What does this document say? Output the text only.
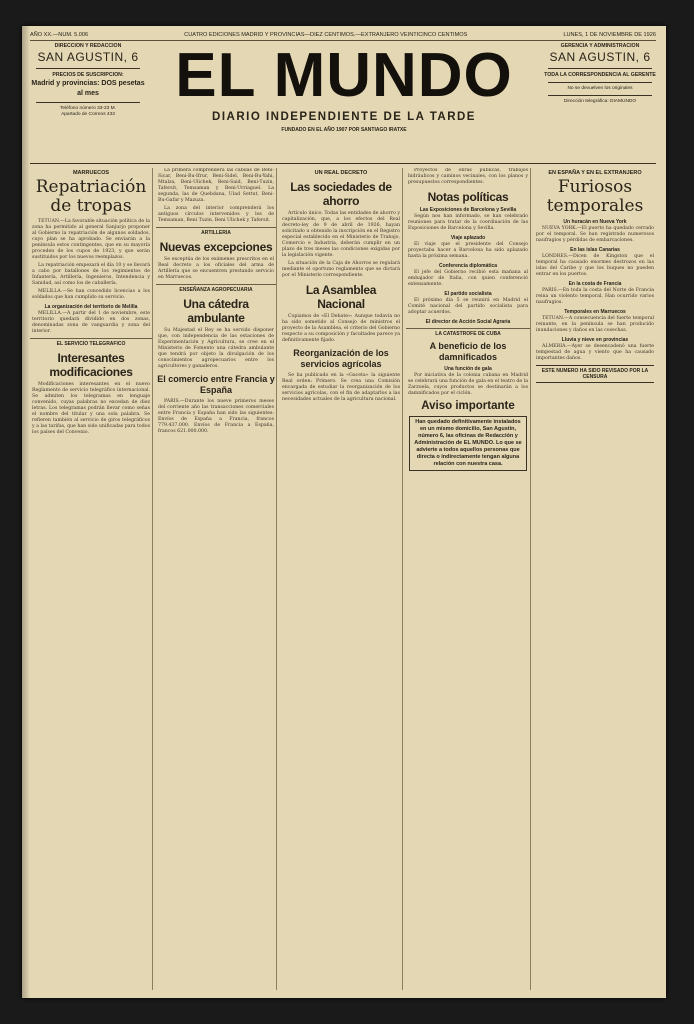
AÑO XX.—NUM. 5.006	CUATRO EDICIONES MADRID Y PROVINCIAS—DIEZ CENTIMOS.—EXTRANJERO VEINTICINCO CENTIMOS	LUNES, 1 DE NOVIEMBRE DE 1926
DIRECCION Y REDACCION
SAN AGUSTIN, 6
PRECIOS DE SUSCRIPCION:
Madrid y provincias: DOS pesetas al mes
Teléfono número 33-23 M.
Apartado de Correos 433
EL MUNDO
DIARIO INDEPENDIENTE DE LA TARDE
FUNDADO EN EL AÑO 1907 POR SANTIAGO IRATXE
GERENCIA Y ADMINISTRACION
SAN AGUSTIN, 6
TODA LA CORRESPONDENCIA AL GERENTE
No se devuelven los originales
Dirección telegráfica: DIAMUNDO
MARRUECOS
Repatriación de tropas
TETUAN.—La favorable situación política de la zona ha permitido al general Sanjurjo proponer al Gobierno la repatriación de algunos soldados, cuyo plan se ha aprobado. Se enviarán a la península estos contingentes, que en su mayoría proceden de los cupos de 1923, y que serán sustituidos por los nuevos reemplazos.
La repatriación empezará el día 10 y se llevará a cabo por batallones de los regimientos de Infantería, Artillería, Ingenieros, Intendencia y Sanidad, así como los de caballería.
MELILLA.—Se han concedido licencias a los soldados que han cumplido su servicio.
La organización del territorio de Melilla
MELILLA.—A partir del 1 de noviembre, este territorio quedará dividido en dos zonas, denominadas zona de vanguardia y zona del interior.
EL SERVICIO TELEGRAFICO
Interesantes modificaciones
Modificaciones interesantes en el nuevo Reglamento de servicio telegráfico internacional. Se admiten los telegramas en lenguaje convenido, cuyas palabras no excedan de diez letras. Los telegramas podrán llevar como señas el nombre del titular y una sola palabra. Se refieren también al servicio de giros telegráficos y a las tarifas, que han sido unificadas para todos los países del Convenio.
La primera comprenderá las cabilas de Beni-Sicar, Beni-Bu-Ifrur, Beni-Sidel, Beni-Bu-Yahi, Mtalza, Beni-Ulichek, Beni-Said, Beni-Tuzin, Tafersit, Temsaman y Beni-Urriaguel. La segunda, las de Quebdana, Ulad Settut, Beni-Bu-Gafar y Mazuza.
La zona del interior comprenderá los antiguos círculos intervenidos y los de Temsaman, Beni Tuzin, Beni Ulichek y Tafersit.
ARTILLERIA
Nuevas excepciones
Se exceptúa de los exámenes prescritos en el Real decreto a los oficiales del arma de Artillería que se encuentren prestando servicio en Marruecos.
ENSEÑANZA AGROPECUARIA
Una cátedra ambulante
Su Majestad el Rey se ha servido disponer que, con independencia de las estaciones de Experimentación y Agricultura, se cree en el Ministerio de Fomento una cátedra ambulante que tendrá por objeto la divulgación de los conocimientos agropecuarios entre los agricultores y ganaderos.
El comercio entre Francia y España
PARIS.—Durante los nueve primeros meses del corriente año las transacciones comerciales entre Francia y España han sido las siguientes: Envíos de España a Francia, francos 779.437.000. Envíos de Francia a España, francos 621.000.000.
UN REAL DECRETO
Las sociedades de ahorro
Artículo único. Todas las entidades de ahorro y capitalización, que, a los efectos del Real decreto-ley de 9 de abril de 1926, hayan solicitado u obtenido la inscripción en el Registro especial establecido en el Ministerio de Trabajo, Comercio e Industria, deberán cumplir en un plazo de tres meses las condiciones exigidas por la legislación vigente.
La situación de la Caja de Ahorros se regulará mediante el oportuno reglamento que se dictará por el Ministerio correspondiente.
La Asamblea Nacional
Copiamos de «El Debate»: Aunque todavía no ha sido sometido al Consejo de ministros el proyecto de la Asamblea, el criterio del Gobierno respecto a su composición y facultades parece ya definitivamente fijado.
Reorganización de los servicios agrícolas
Se ha publicado en la «Gaceta» la siguiente Real orden: Primero. Se crea una Comisión encargada de estudiar la reorganización de los servicios agrícolas, con el fin de adaptarlos a las necesidades actuales de la agricultura nacional.
Proyectos de obras públicas, trabajos hidráulicos y caminos vecinales, con los planos y presupuestos correspondientes.
Notas políticas
Las Exposiciones de Barcelona y Sevilla
Según nos han informado, se han celebrado reuniones para tratar de la coordinación de las Exposiciones de Barcelona y Sevilla.
Viaje aplazado
El viaje que el presidente del Consejo proyectaba hacer a Barcelona ha sido aplazado hasta la próxima semana.
Conferencia diplomática
El jefe del Gobierno recibió esta mañana al embajador de Italia, con quien conferenció extensamente.
El partido socialista
El próximo día 5 se reunirá en Madrid el Comité nacional del partido socialista para adoptar acuerdos.
El director de Acción Social Agraria
LA CATASTROFE DE CUBA
A beneficio de los damnificados
Una función de gala
Por iniciativa de la colonia cubana en Madrid se celebrará una función de gala en el teatro de la Zarzuela, cuyos productos se destinarán a los damnificados por el ciclón.
Aviso importante
Han quedado definitivamente instalados en un mismo domicilio, San Agustín, número 6, las oficinas de Redacción y Administración de EL MUNDO. Lo que se advierte a todos aquellos personas que directa o indirectamente tengan alguna relación con nuestra casa.
EN ESPAÑA Y EN EL EXTRANJERO
Furiosos temporales
Un huracán en Nueva York
NUEVA YORK.—El puerto ha quedado cerrado por el temporal. Se han registrado numerosos naufragios y pérdidas de embarcaciones.
En las islas Canarias
LONDRES.—Dicen de Kingston que el temporal ha causado enormes destrozos en las islas del Caribe y que los buques no pueden entrar en los puertos.
En la costa de Francia
PARIS.—En toda la costa del Norte de Francia reina un violento temporal. Han ocurrido varios naufragios.
Temporales en Marruecos
TETUAN.—A consecuencia del fuerte temporal reinante, en la península se han producido inundaciones y daños en las cosechas.
Lluvia y nieve en provincias
ALMERIA.—Ayer se desencadenó una fuerte tempestad de agua y viento que ha causado importantes daños.
ESTE NUMERO HA SIDO REVISADO POR LA CENSURA
